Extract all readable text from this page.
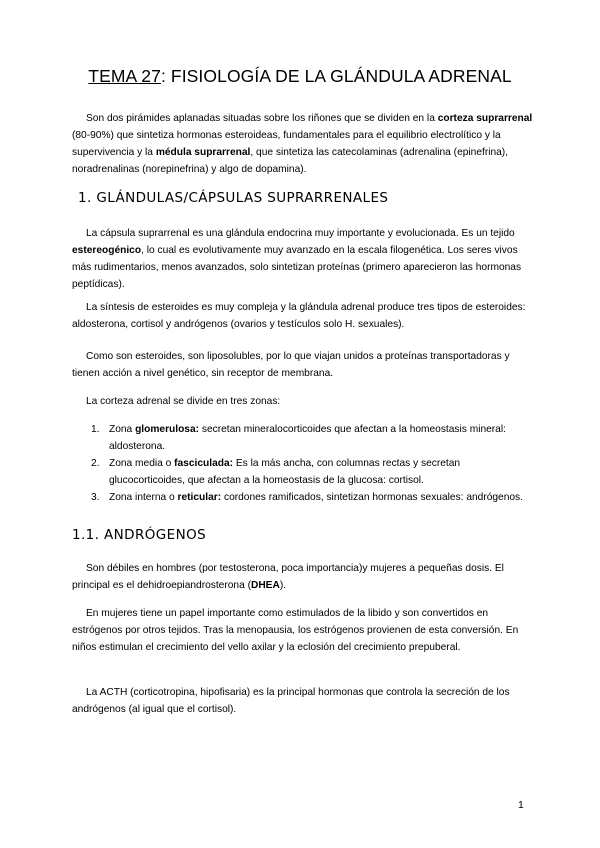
TEMA 27: FISIOLOGÍA DE LA GLÁNDULA ADRENAL

Son dos pirámides aplanadas situadas sobre los riñones que se dividen en la corteza suprarrenal (80-90%) que sintetiza hormonas esteroideas, fundamentales para el equilibrio electrolítico y la supervivencia y la médula suprarrenal, que sintetiza las catecolaminas (adrenalina (epinefrina), noradrenalinas (norepinefrina) y algo de dopamina).

1. GLÁNDULAS/CÁPSULAS SUPRARRENALES

La cápsula suprarrenal es una glándula endocrina muy importante y evolucionada. Es un tejido estereogénico, lo cual es evolutivamente muy avanzado en la escala filogenética. Los seres vivos más rudimentarios, menos avanzados, solo sintetizan proteínas (primero aparecieron las hormonas peptídicas).

La síntesis de esteroides es muy compleja y la glándula adrenal produce tres tipos de esteroides: aldosterona, cortisol y andrógenos (ovarios y testículos solo H. sexuales).

Como son esteroides, son liposolubles, por lo que viajan unidos a proteínas transportadoras y tienen acción a nivel genético, sin receptor de membrana.

La corteza adrenal se divide en tres zonas:

1. Zona glomerulosa: secretan mineralocorticoides que afectan a la homeostasis mineral: aldosterona.
2. Zona media o fasciculada: Es la más ancha, con columnas rectas y secretan glucocorticoides, que afectan a la homeostasis de la glucosa: cortisol.
3. Zona interna o reticular: cordones ramificados, sintetizan hormonas sexuales: andrógenos.
1.1. ANDRÓGENOS

Son débiles en hombres (por testosterona, poca importancia)y mujeres a pequeñas dosis. El principal es el dehidroepiandrosterona (DHEA).

En mujeres tiene un papel importante como estimulados de la libido y son convertidos en estrógenos por otros tejidos. Tras la menopausia, los estrógenos provienen de esta conversión. En niños estimulan el crecimiento del vello axilar y la eclosión del crecimiento prepuberal.

La ACTH (corticotropina, hipofisaria) es la principal hormonas que controla la secreción de los andrógenos (al igual que el cortisol).

1
